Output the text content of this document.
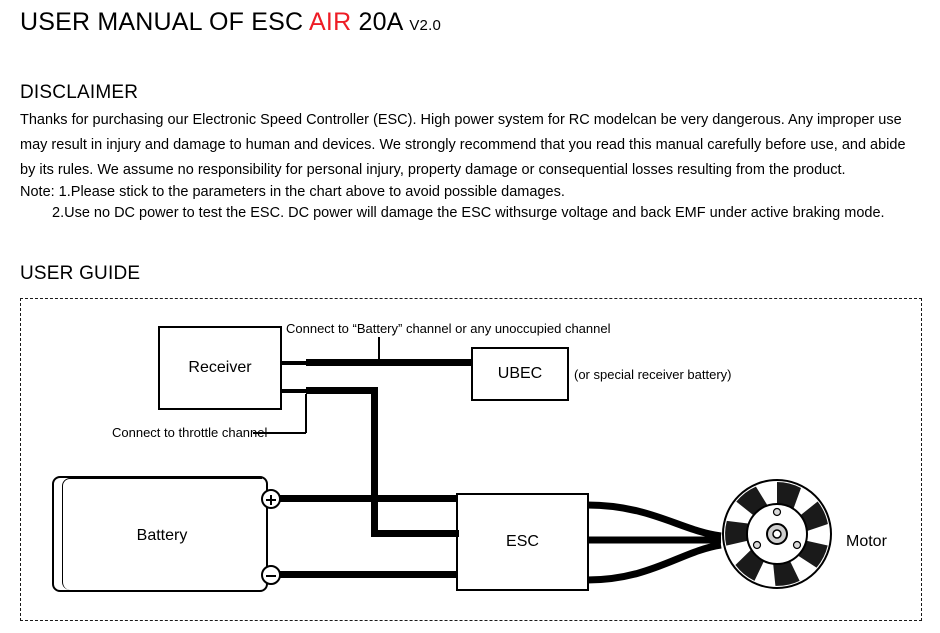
USER MANUAL OF ESC AIR 20A V2.0
DISCLAIMER
Thanks for purchasing our Electronic Speed Controller (ESC). High power system for RC modelcan be very dangerous. Any improper use may result in injury and damage to human and devices. We strongly recommend that you read this manual carefully before use, and abide by its rules. We assume no responsibility for personal injury, property damage or consequential losses resulting from the product.
Note: 1.Please stick to the parameters in the chart above to avoid possible damages.
2.Use no DC power to test the ESC. DC power will damage the ESC withsurge voltage and back EMF under active braking mode.
USER GUIDE
Receiver	UBEC
ESC
Battery
Connect to “Battery” channel or any unoccupied channel
Connect to throttle channel
(or special receiver battery)
Motor
